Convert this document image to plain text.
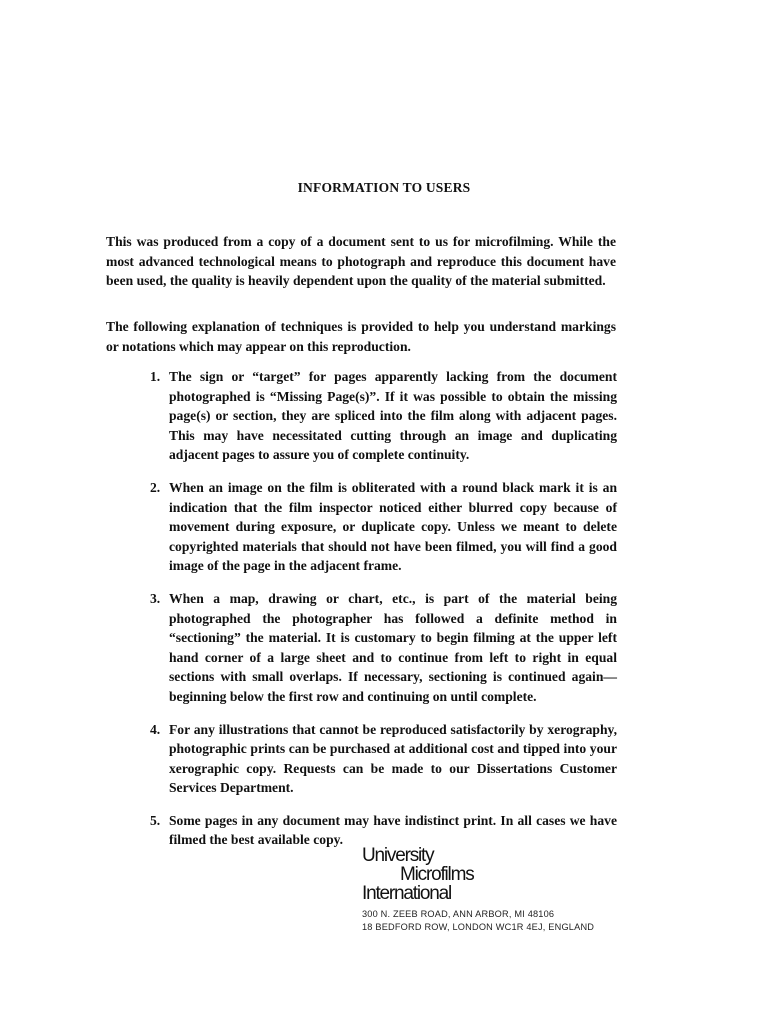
INFORMATION TO USERS

This was produced from a copy of a document sent to us for microfilming. While the most advanced technological means to photograph and reproduce this document have been used, the quality is heavily dependent upon the quality of the material submitted.

The following explanation of techniques is provided to help you understand markings or notations which may appear on this reproduction.

1. The sign or “target” for pages apparently lacking from the document photographed is “Missing Page(s)”. If it was possible to obtain the missing page(s) or section, they are spliced into the film along with adjacent pages. This may have necessitated cutting through an image and duplicating adjacent pages to assure you of complete continuity.
2. When an image on the film is obliterated with a round black mark it is an indication that the film inspector noticed either blurred copy because of movement during exposure, or duplicate copy. Unless we meant to delete copyrighted materials that should not have been filmed, you will find a good image of the page in the adjacent frame.
3. When a map, drawing or chart, etc., is part of the material being photographed the photographer has followed a definite method in “sectioning” the material. It is customary to begin filming at the upper left hand corner of a large sheet and to continue from left to right in equal sections with small overlaps. If necessary, sectioning is continued again—beginning below the first row and continuing on until complete.
4. For any illustrations that cannot be reproduced satisfactorily by xerography, photographic prints can be purchased at additional cost and tipped into your xerographic copy. Requests can be made to our Dissertations Customer Services Department.
5. Some pages in any document may have indistinct print. In all cases we have filmed the best available copy.
University
Microfilms
International
300 N. ZEEB ROAD, ANN ARBOR, MI 48106
18 BEDFORD ROW, LONDON WC1R 4EJ, ENGLAND
